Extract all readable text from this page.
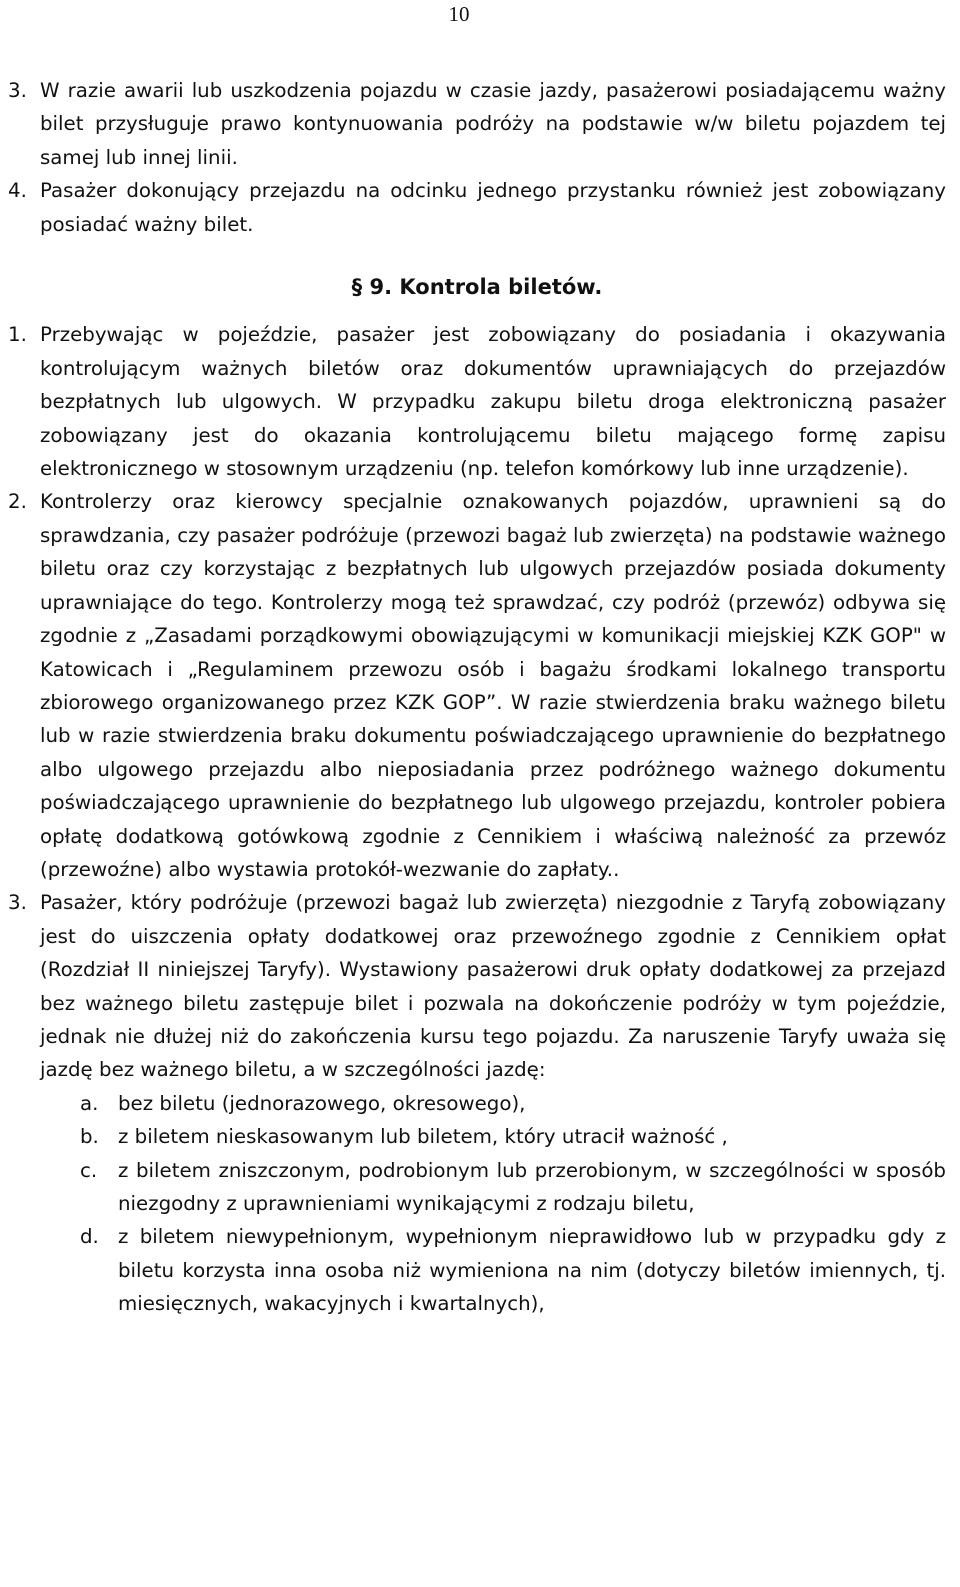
10
3. W razie awarii lub uszkodzenia pojazdu w czasie jazdy, pasażerowi posiadającemu ważny bilet przysługuje prawo kontynuowania podróży na podstawie w/w biletu pojazdem tej samej lub innej linii.
4. Pasażer dokonujący przejazdu na odcinku jednego przystanku również jest zobowiązany posiadać ważny bilet.
§ 9. Kontrola biletów.
1. Przebywając w pojeździe, pasażer jest zobowiązany do posiadania i okazywania kontrolującym ważnych biletów oraz dokumentów uprawniających do przejazdów bezpłatnych lub ulgowych. W przypadku zakupu biletu droga elektroniczną pasażer zobowiązany jest do okazania kontrolującemu biletu mającego formę zapisu elektronicznego w stosownym urządzeniu (np. telefon komórkowy lub inne urządzenie).
2. Kontrolerzy oraz kierowcy specjalnie oznakowanych pojazdów, uprawnieni są do sprawdzania, czy pasażer podróżuje (przewozi bagaż lub zwierzęta) na podstawie ważnego biletu oraz czy korzystając z bezpłatnych lub ulgowych przejazdów posiada dokumenty uprawniające do tego. Kontrolerzy mogą też sprawdzać, czy podróż (przewóz) odbywa się zgodnie z „Zasadami porządkowymi obowiązującymi w komunikacji miejskiej KZK GOP" w Katowicach i „Regulaminem przewozu osób i bagażu środkami lokalnego transportu zbiorowego organizowanego przez KZK GOP”. W razie stwierdzenia braku ważnego biletu lub w razie stwierdzenia braku dokumentu poświadczającego uprawnienie do bezpłatnego albo ulgowego przejazdu albo nieposiadania przez podróżnego ważnego dokumentu poświadczającego uprawnienie do bezpłatnego lub ulgowego przejazdu, kontroler pobiera opłatę dodatkową gotówkową zgodnie z Cennikiem i właściwą należność za przewóz (przewoźne) albo wystawia protokół-wezwanie do zapłaty..
3. Pasażer, który podróżuje (przewozi bagaż lub zwierzęta) niezgodnie z Taryfą zobowiązany jest do uiszczenia opłaty dodatkowej oraz przewoźnego zgodnie z Cennikiem opłat (Rozdział II niniejszej Taryfy). Wystawiony pasażerowi druk opłaty dodatkowej za przejazd bez ważnego biletu zastępuje bilet i pozwala na dokończenie podróży w tym pojeździe, jednak nie dłużej niż do zakończenia kursu tego pojazdu. Za naruszenie Taryfy uważa się jazdę bez ważnego biletu, a w szczególności jazdę:
a. bez biletu (jednorazowego, okresowego),
b. z biletem nieskasowanym lub biletem, który utracił ważność ,
c.	z biletem zniszczonym, podrobionym lub przerobionym, w szczególności w sposób niezgodny z uprawnieniami wynikającymi z rodzaju biletu,
d. z biletem niewypełnionym, wypełnionym nieprawidłowo lub w przypadku gdy z biletu korzysta inna osoba niż wymieniona na nim (dotyczy biletów imiennych, tj. miesięcznych, wakacyjnych i kwartalnych),
